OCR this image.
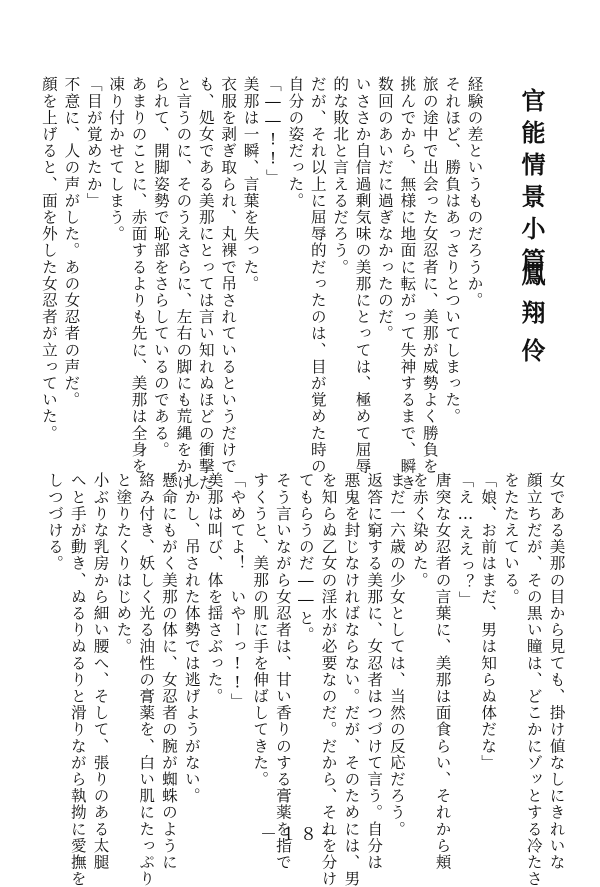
官能情景小篇
鳳翔伶
経験の差というものだろうか。
それほど、勝負はあっさりとついてしまった。
旅の途中で出会った女忍者に、美那が威勢よく勝負を
挑んでから、無様に地面に転がって失神するまで、瞬き
数回のあいだに過ぎなかったのだ。
いささか自信過剰気味の美那にとっては、極めて屈辱
的な敗北と言えるだろう。
だが、それ以上に屈辱的だったのは、目が覚めた時の
自分の姿だった。
「――!!」
美那は一瞬、言葉を失った。
衣服を剥ぎ取られ、丸裸で吊されているというだけで
も、処女である美那にとっては言い知れぬほどの衝撃だ
と言うのに、そのうえさらに、左右の脚にも荒縄をかけ
られて、開脚姿勢で恥部をさらしているのである。
あまりのことに、赤面するよりも先に、美那は全身を
凍り付かせてしまう。
「目が覚めたか」
不意に、人の声がした。あの女忍者の声だ。
顔を上げると、面を外した女忍者が立っていた。
女である美那の目から見ても、掛け値なしにきれいな
顔立ちだが、その黒い瞳は、どこかにゾッとする冷たさ
をたたえている。
「娘、お前はまだ、男は知らぬ体だな」
「え…ええっ？」
唐突な女忍者の言葉に、美那は面食らい、それから頬
を赤く染めた。
まだ一六歳の少女としては、当然の反応だろう。
返答に窮する美那に、女忍者はつづけて言う。自分は
悪鬼を封じなければならない。だが、そのためには、男
を知らぬ乙女の淫水が必要なのだ。だから、それを分け
てもらうのだ――と。
そう言いながら女忍者は、甘い香りのする膏薬を指で
すくうと、美那の肌に手を伸ばしてきた。
「やめてよ！　いやーっ!!」
美那は叫び、体を揺さぶった。
しかし、吊された体勢では逃げようがない。
懸命にもがく美那の体に、女忍者の腕が蜘蛛のように
絡み付き、妖しく光る油性の膏薬を、白い肌にたっぷり
と塗りたくりはじめた。
小ぶりな乳房から細い腰へ、そして、張りのある太腿
へと手が動き、ぬるりぬるりと滑りながら執拗に愛撫を
しつづける。
－１８－
